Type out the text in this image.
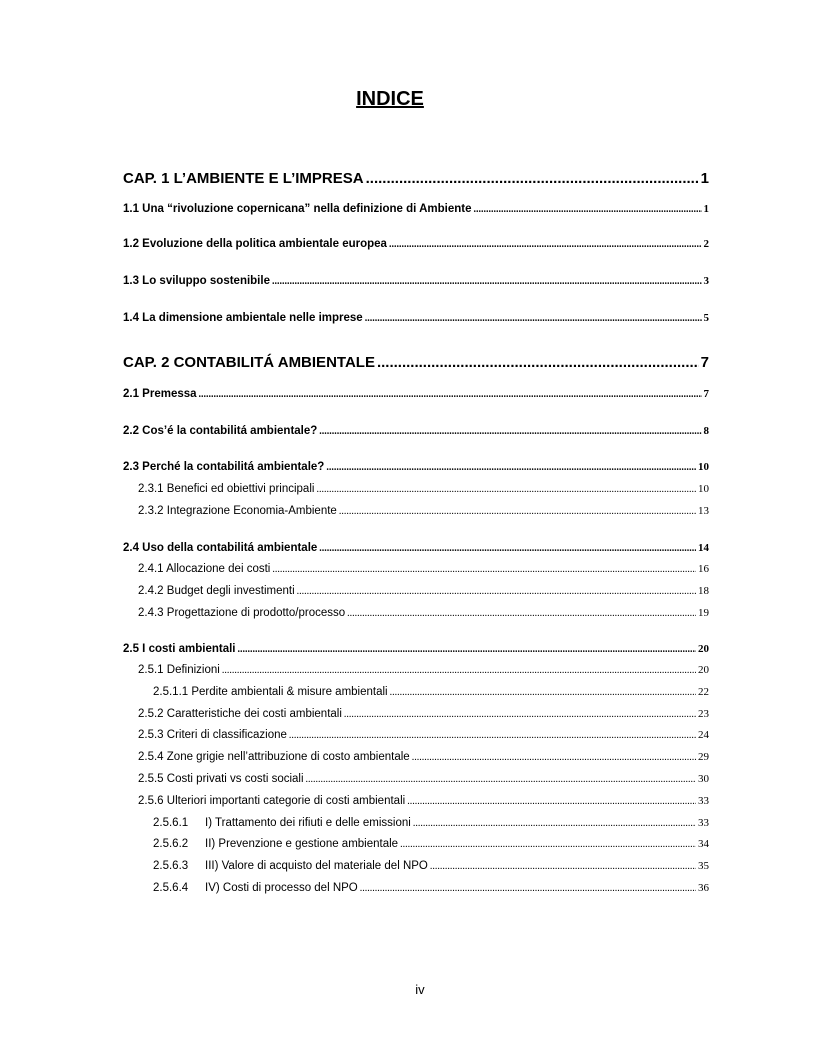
INDICE
CAP. 1 L’AMBIENTE E L’IMPRESA .....	1
1.1 Una “rivoluzione copernicana” nella definizione di Ambiente .....	1
1.2 Evoluzione della politica ambientale europea .....	2
1.3 Lo sviluppo sostenibile .....	3
1.4 La dimensione ambientale nelle imprese .....	5
CAP. 2 CONTABILITÁ AMBIENTALE .....	7
2.1 Premessa .....	7
2.2 Cos’é la contabilitá ambientale? .....	8
2.3 Perché la contabilitá ambientale? .....	10
2.3.1 Benefici ed obiettivi principali .....	10
2.3.2 Integrazione Economia-Ambiente .....	13
2.4 Uso della contabilitá ambientale .....	14
2.4.1 Allocazione dei costi .....	16
2.4.2 Budget degli investimenti .....	18
2.4.3 Progettazione di prodotto/processo .....	19
2.5 I costi ambientali .....	20
2.5.1 Definizioni .....	20
2.5.1.1 Perdite ambientali & misure ambientali .....	22
2.5.2 Caratteristiche dei costi ambientali .....	23
2.5.3 Criteri di classificazione .....	24
2.5.4 Zone grigie nell’attribuzione di costo ambientale .....	29
2.5.5 Costi privati vs costi sociali .....	30
2.5.6 Ulteriori importanti categorie di costi ambientali .....	33
2.5.6.1 I) Trattamento dei rifiuti e delle emissioni .....	33
2.5.6.2 II) Prevenzione e gestione ambientale .....	34
2.5.6.3 III) Valore di acquisto del materiale del NPO .....	35
2.5.6.4 IV) Costi di processo del NPO .....	36
iv
